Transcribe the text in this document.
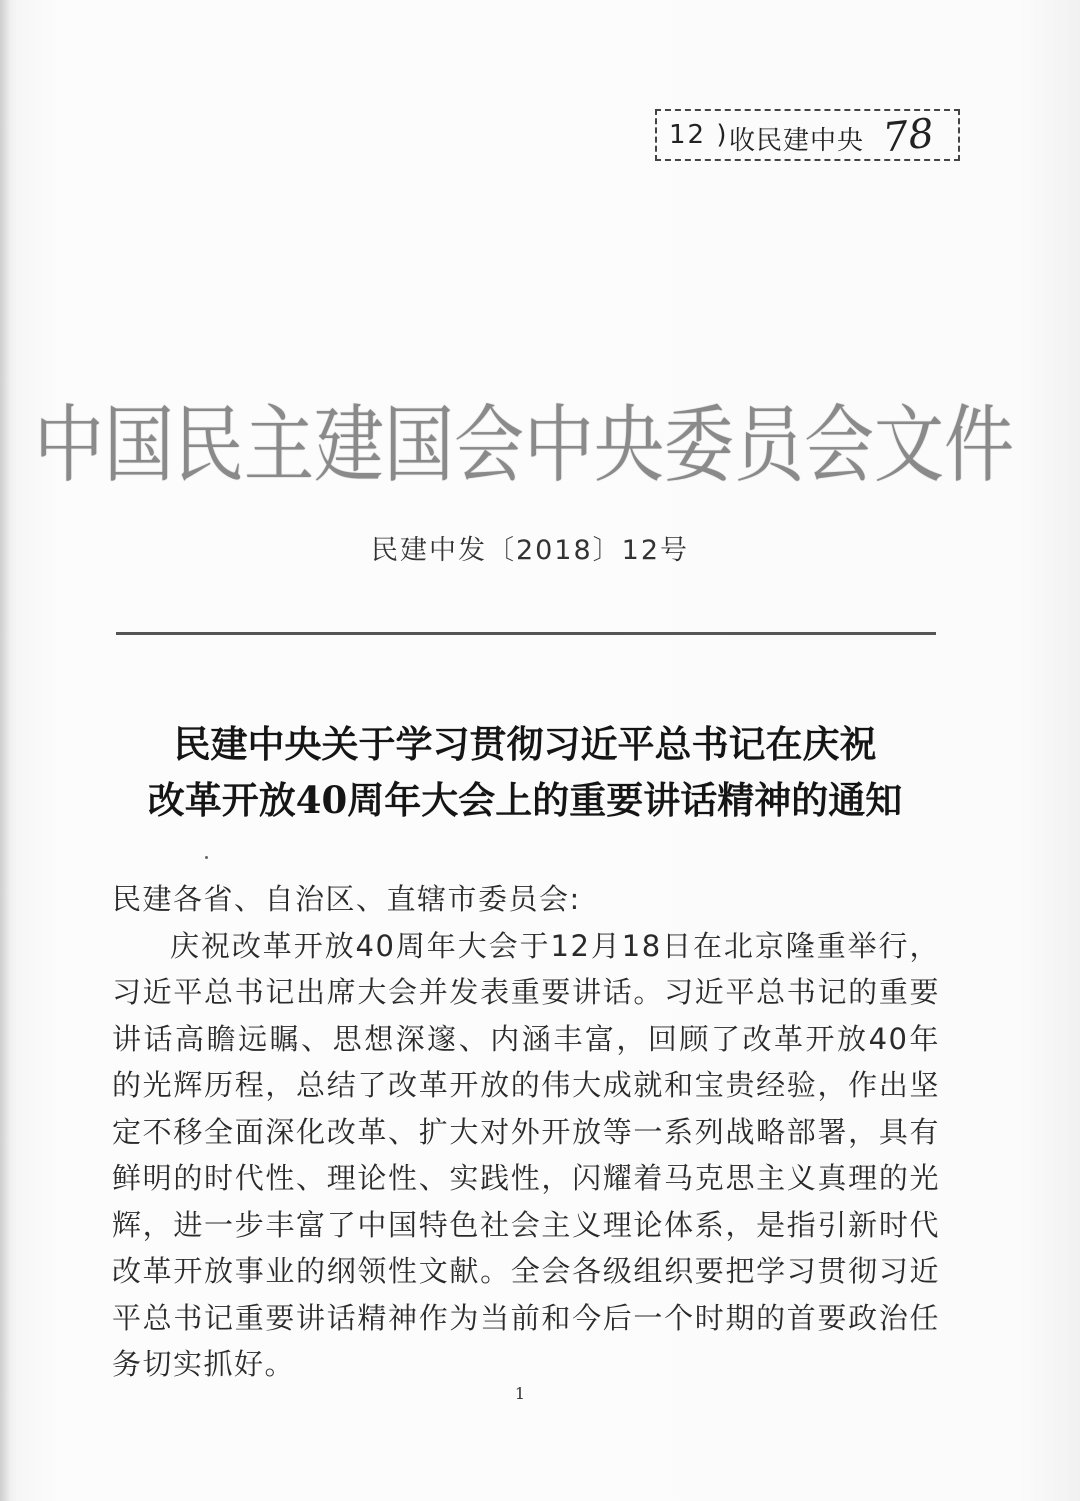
12 ) 收民建中央 78
中国民主建国会中央委员会文件
民建中发〔2018〕12号
民建中央关于学习贯彻习近平总书记在庆祝
改革开放40周年大会上的重要讲话精神的通知

民建各省、自治区、直辖市委员会:

庆祝改革开放40周年大会于12月18日在北京隆重举行，习近平总书记出席大会并发表重要讲话。习近平总书记的重要讲话高瞻远瞩、思想深邃、内涵丰富，回顾了改革开放40年的光辉历程，总结了改革开放的伟大成就和宝贵经验，作出坚定不移全面深化改革、扩大对外开放等一系列战略部署，具有鲜明的时代性、理论性、实践性，闪耀着马克思主义真理的光辉，进一步丰富了中国特色社会主义理论体系，是指引新时代改革开放事业的纲领性文献。全会各级组织要把学习贯彻习近平总书记重要讲话精神作为当前和今后一个时期的首要政治任务切实抓好。

1
